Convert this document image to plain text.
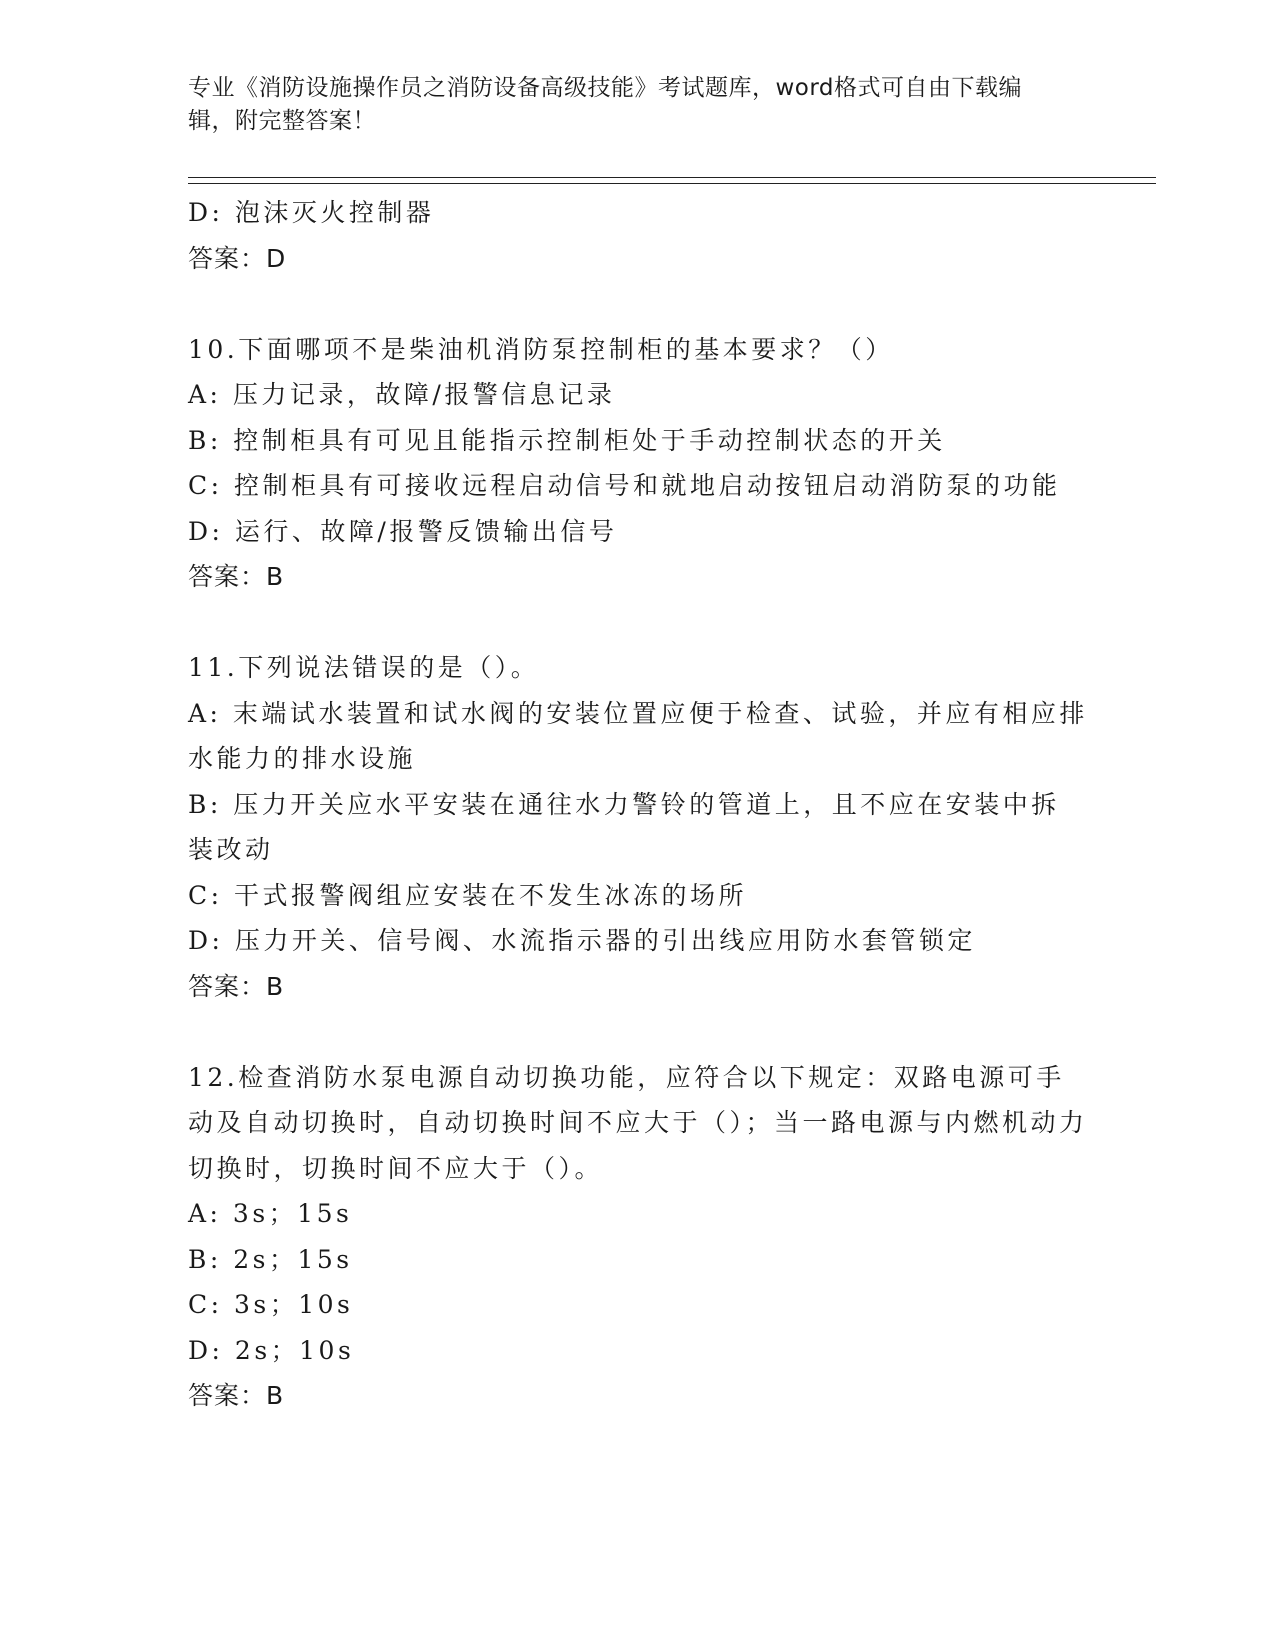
专业《消防设施操作员之消防设备高级技能》考试题库，word格式可自由下载编辑，附完整答案！
D: 泡沫灭火控制器
答案：D
10.下面哪项不是柴油机消防泵控制柜的基本要求？（）
A: 压力记录，故障/报警信息记录
B: 控制柜具有可见且能指示控制柜处于手动控制状态的开关
C: 控制柜具有可接收远程启动信号和就地启动按钮启动消防泵的功能
D: 运行、故障/报警反馈输出信号
答案：B
11.下列说法错误的是（）。
A: 末端试水装置和试水阀的安装位置应便于检查、试验，并应有相应排水能力的排水设施
B: 压力开关应水平安装在通往水力警铃的管道上，且不应在安装中拆装改动
C: 干式报警阀组应安装在不发生冰冻的场所
D: 压力开关、信号阀、水流指示器的引出线应用防水套管锁定
答案：B
12.检查消防水泵电源自动切换功能，应符合以下规定：双路电源可手动及自动切换时，自动切换时间不应大于（）；当一路电源与内燃机动力切换时，切换时间不应大于（）。
A: 3s；15s
B: 2s；15s
C: 3s；10s
D: 2s；10s
答案：B
